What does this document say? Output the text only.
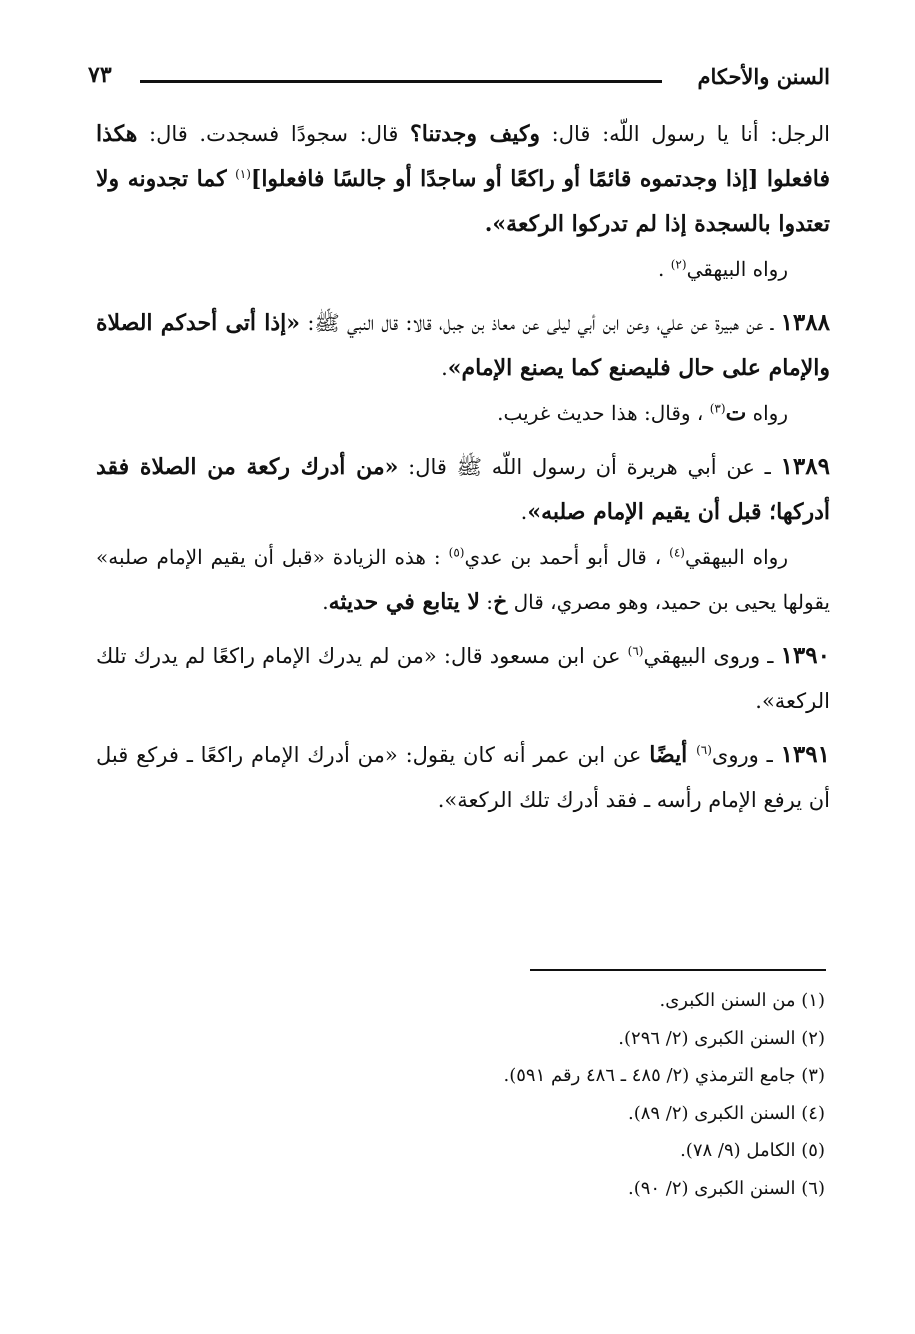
السنن والأحكام
٧٣

الرجل: أنا يا رسول اللّه: قال: وكيف وجدتنا؟ قال: سجودًا فسجدت. قال: هكذا فافعلوا [إذا وجدتموه قائمًا أو راكعًا أو ساجدًا أو جالسًا فافعلوا]$^{(١)}$ كما تجدونه ولا تعتدوا بالسجدة إذا لم تدركوا الركعة».

رواه البيهقي$^{(٢)}$ .

١٣٨٨ ـ عن هبيرة عن علي، وعن ابن أبي ليلى عن معاذ بن جبل، قالا: قال النبي ﷺ: «إذا أتى أحدكم الصلاة والإمام على حال فليصنع كما يصنع الإمام».

رواه ت$^{(٣)}$ ، وقال: هذا حديث غريب.

١٣٨٩ ـ عن أبي هريرة أن رسول اللّه ﷺ قال: «من أدرك ركعة من الصلاة فقد أدركها؛ قبل أن يقيم الإمام صلبه».

رواه البيهقي$^{(٤)}$ ، قال أبو أحمد بن عدي$^{(٥)}$ : هذه الزيادة «قبل أن يقيم الإمام صلبه» يقولها يحيى بن حميد، وهو مصري، قال خ: لا يتابع في حديثه.

١٣٩٠ ـ وروى البيهقي$^{(٦)}$ عن ابن مسعود قال: «من لم يدرك الإمام راكعًا لم يدرك تلك الركعة».

١٣٩١ ـ وروى$^{(٦)}$ أيضًا عن ابن عمر أنه كان يقول: «من أدرك الإمام راكعًا ـ فركع قبل أن يرفع الإمام رأسه ـ فقد أدرك تلك الركعة».

(١) من السنن الكبرى.
(٢) السنن الكبرى (٢/ ٢٩٦).
(٣) جامع الترمذي (٢/ ٤٨٥ ـ ٤٨٦ رقم ٥٩١).
(٤) السنن الكبرى (٢/ ٨٩).
(٥) الكامل (٩/ ٧٨).
(٦) السنن الكبرى (٢/ ٩٠).
